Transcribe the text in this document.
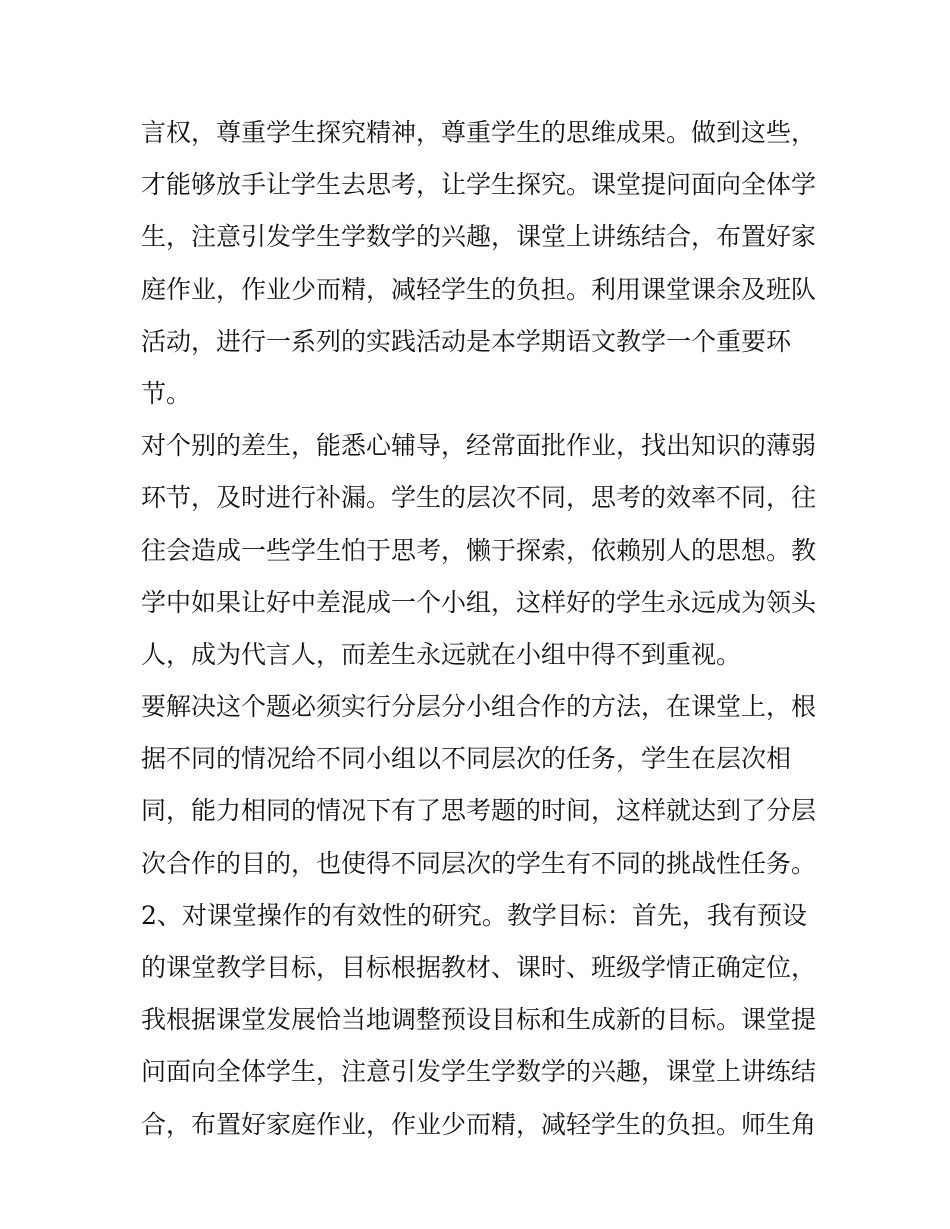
言权，尊重学生探究精神，尊重学生的思维成果。做到这些，
才能够放手让学生去思考，让学生探究。课堂提问面向全体学
生，注意引发学生学数学的兴趣，课堂上讲练结合，布置好家
庭作业，作业少而精，减轻学生的负担。利用课堂课余及班队
活动，进行一系列的实践活动是本学期语文教学一个重要环
节。
对个别的差生，能悉心辅导，经常面批作业，找出知识的薄弱
环节，及时进行补漏。学生的层次不同，思考的效率不同，往
往会造成一些学生怕于思考，懒于探索，依赖别人的思想。教
学中如果让好中差混成一个小组，这样好的学生永远成为领头
人，成为代言人，而差生永远就在小组中得不到重视。
要解决这个题必须实行分层分小组合作的方法，在课堂上，根
据不同的情况给不同小组以不同层次的任务，学生在层次相
同，能力相同的情况下有了思考题的时间，这样就达到了分层
次合作的目的，也使得不同层次的学生有不同的挑战性任务。
2、对课堂操作的有效性的研究。教学目标：首先，我有预设
的课堂教学目标，目标根据教材、课时、班级学情正确定位，
我根据课堂发展恰当地调整预设目标和生成新的目标。课堂提
问面向全体学生，注意引发学生学数学的兴趣，课堂上讲练结
合，布置好家庭作业，作业少而精，减轻学生的负担。师生角
